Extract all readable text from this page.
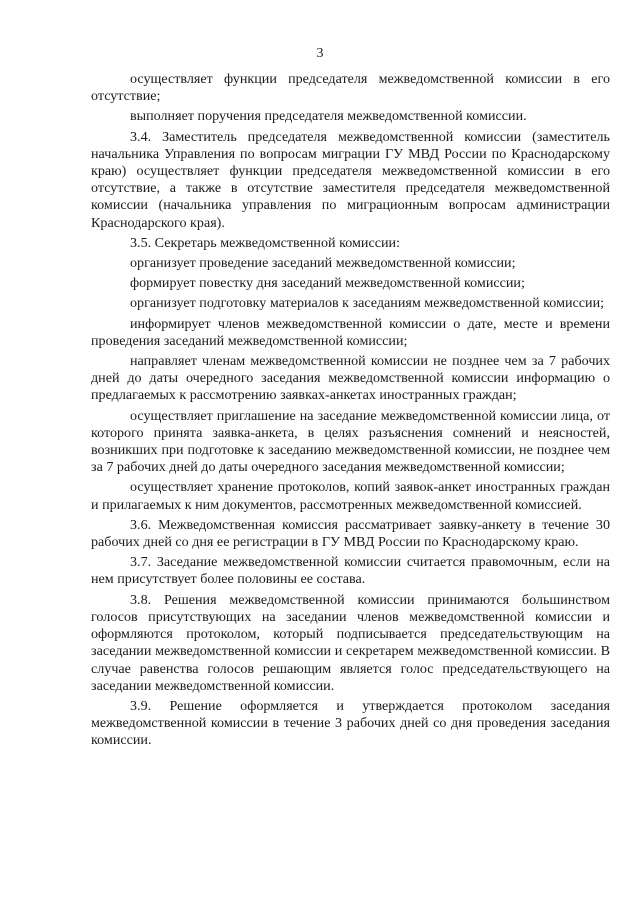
3

осуществляет функции председателя межведомственной комиссии в его отсутствие;

выполняет поручения председателя межведомственной комиссии.

3.4. Заместитель председателя межведомственной комиссии (заместитель начальника Управления по вопросам миграции ГУ МВД России по Краснодарскому краю) осуществляет функции председателя межведомственной комиссии в его отсутствие, а также в отсутствие заместителя председателя межведомственной комиссии (начальника управления по миграционным вопросам администрации Краснодарского края).

3.5. Секретарь межведомственной комиссии:

организует проведение заседаний межведомственной комиссии;

формирует повестку дня заседаний межведомственной комиссии;

организует подготовку материалов к заседаниям межведомственной комиссии;

информирует членов межведомственной комиссии о дате, месте и времени проведения заседаний межведомственной комиссии;

направляет членам межведомственной комиссии не позднее чем за 7 рабочих дней до даты очередного заседания межведомственной комиссии информацию о предлагаемых к рассмотрению заявках-анкетах иностранных граждан;

осуществляет приглашение на заседание межведомственной комиссии лица, от которого принята заявка-анкета, в целях разъяснения сомнений и неясностей, возникших при подготовке к заседанию межведомственной комиссии, не позднее чем за 7 рабочих дней до даты очередного заседания межведомственной комиссии;

осуществляет хранение протоколов, копий заявок-анкет иностранных граждан и прилагаемых к ним документов, рассмотренных межведомственной комиссией.

3.6. Межведомственная комиссия рассматривает заявку-анкету в течение 30 рабочих дней со дня ее регистрации в ГУ МВД России по Краснодарскому краю.

3.7. Заседание межведомственной комиссии считается правомочным, если на нем присутствует более половины ее состава.

3.8. Решения межведомственной комиссии принимаются большинством голосов присутствующих на заседании членов межведомственной комиссии и оформляются протоколом, который подписывается председательствующим на заседании межведомственной комиссии и секретарем межведомственной комиссии. В случае равенства голосов решающим является голос председательствующего на заседании межведомственной комиссии.

3.9. Решение оформляется и утверждается протоколом заседания межведомственной комиссии в течение 3 рабочих дней со дня проведения заседания комиссии.
